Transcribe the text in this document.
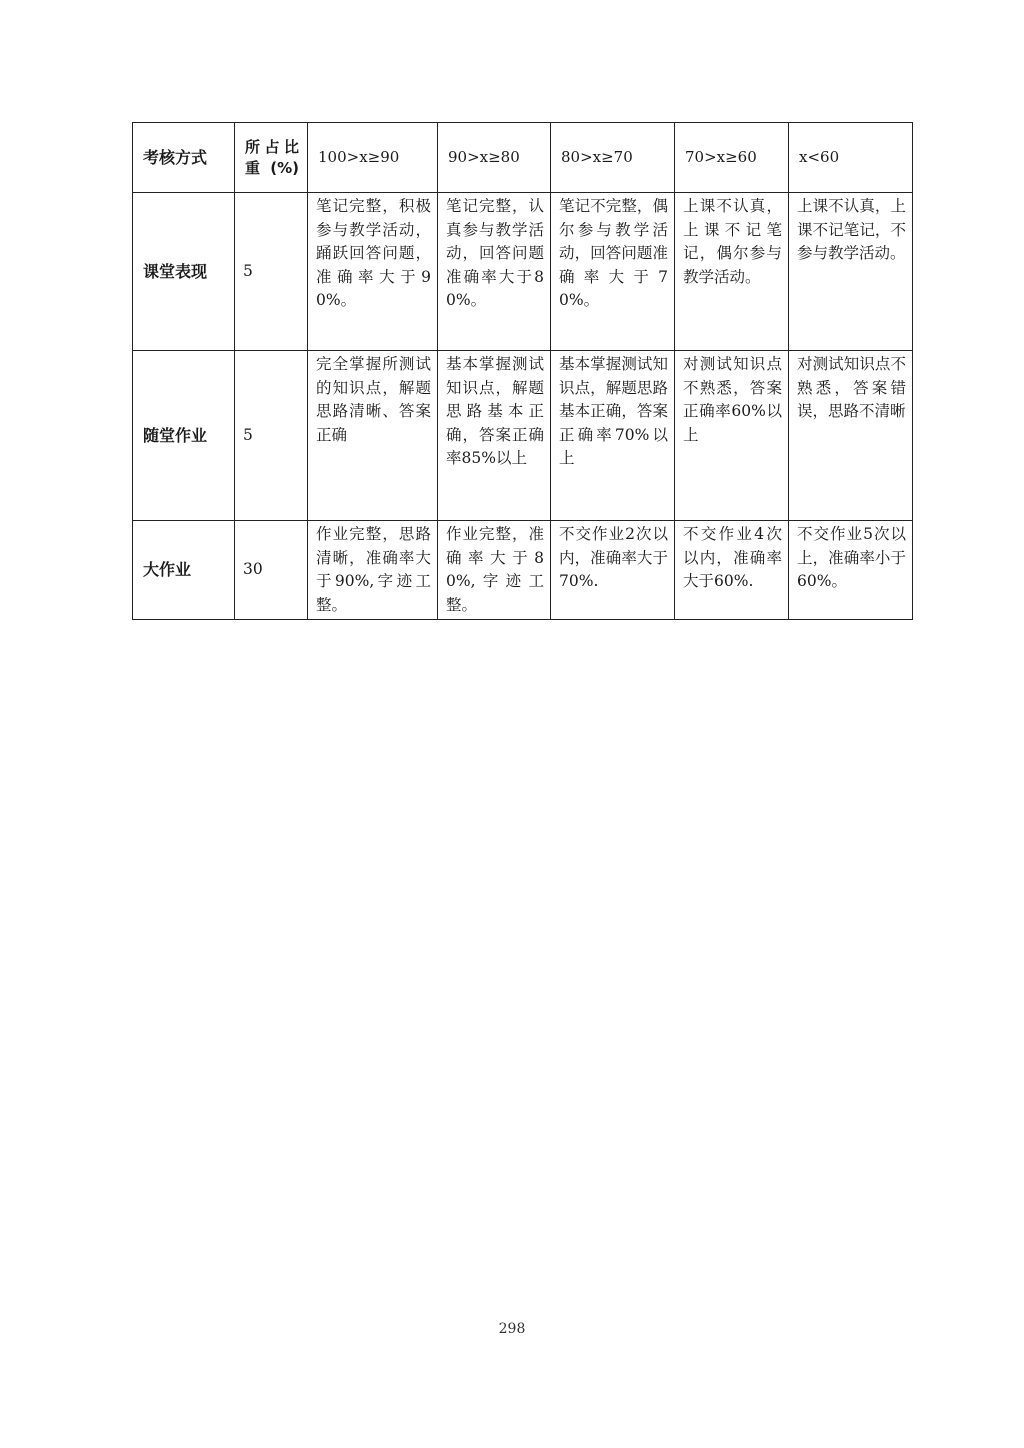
考核方式	所占比重(%)	100>x≥90	90>x≥80	80>x≥70	70>x≥60	x<60
课堂表现	5	笔记完整，积极参与教学活动，踊跃回答问题，准确率大于90%。	笔记完整，认真参与教学活动，回答问题准确率大于80%。	笔记不完整，偶尔参与教学活动，回答问题准确率大于70%。	上课不认真，上课不记笔记，偶尔参与教学活动。	上课不认真，上课不记笔记，不参与教学活动。
随堂作业	5	完全掌握所测试的知识点，解题思路清晰、答案正确	基本掌握测试知识点，解题思路基本正确，答案正确率85%以上	基本掌握测试知识点，解题思路基本正确，答案正确率70%以上	对测试知识点不熟悉，答案正确率60%以上	对测试知识点不熟悉，答案错误，思路不清晰
大作业	30	作业完整，思路清晰，准确率大于90%,字迹工整。	作业完整，准确率大于80%,字迹工整。	不交作业2次以内，准确率大于70%.	不交作业4次以内，准确率大于60%.	不交作业5次以上，准确率小于60%。
298
